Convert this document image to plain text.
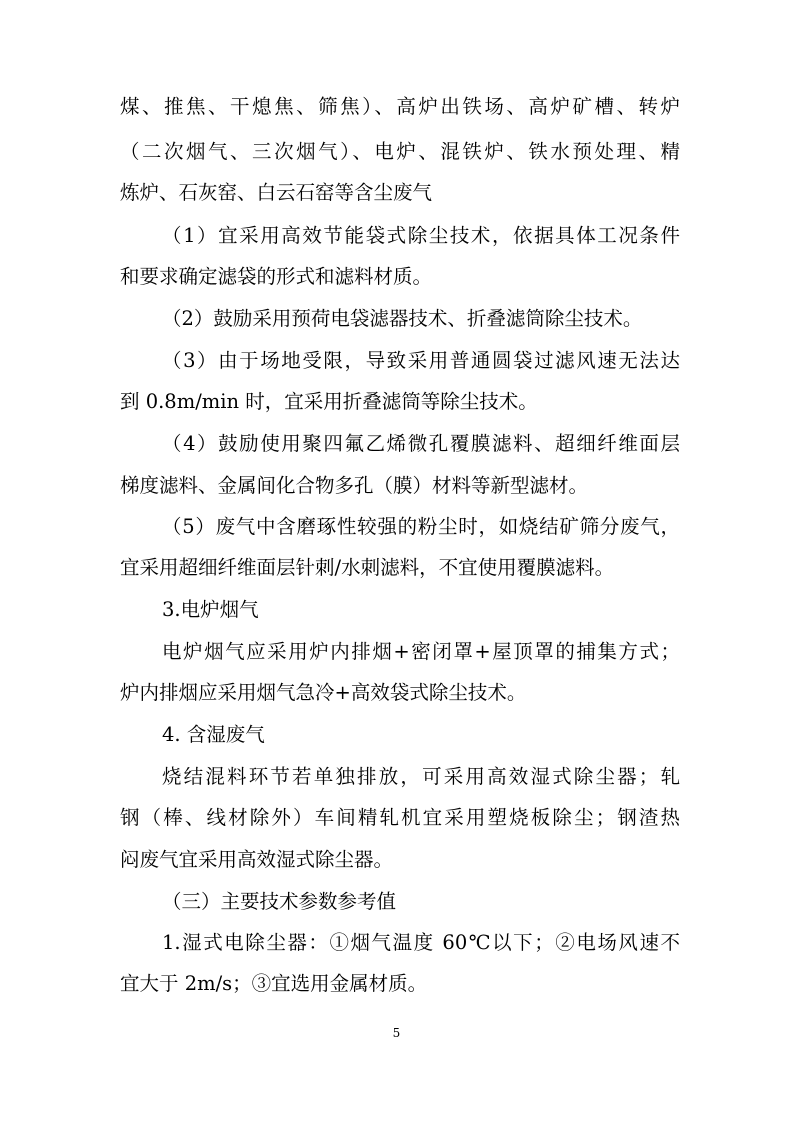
煤、推焦、干熄焦、筛焦）、高炉出铁场、高炉矿槽、转炉
（二次烟气、三次烟气）、电炉、混铁炉、铁水预处理、精
炼炉、石灰窑、白云石窑等含尘废气
（1）宜采用高效节能袋式除尘技术，依据具体工况条件
和要求确定滤袋的形式和滤料材质。
（2）鼓励采用预荷电袋滤器技术、折叠滤筒除尘技术。
（3）由于场地受限，导致采用普通圆袋过滤风速无法达
到 0.8m/min 时，宜采用折叠滤筒等除尘技术。
（4）鼓励使用聚四氟乙烯微孔覆膜滤料、超细纤维面层
梯度滤料、金属间化合物多孔（膜）材料等新型滤材。
（5）废气中含磨琢性较强的粉尘时，如烧结矿筛分废气，
宜采用超细纤维面层针刺/水刺滤料，不宜使用覆膜滤料。
3.电炉烟气
电炉烟气应采用炉内排烟+密闭罩+屋顶罩的捕集方式；
炉内排烟应采用烟气急冷+高效袋式除尘技术。
4. 含湿废气
烧结混料环节若单独排放，可采用高效湿式除尘器；轧
钢（棒、线材除外）车间精轧机宜采用塑烧板除尘；钢渣热
闷废气宜采用高效湿式除尘器。
（三）主要技术参数参考值
1.湿式电除尘器：①烟气温度 60℃以下；②电场风速不
宜大于 2m/s；③宜选用金属材质。
5
